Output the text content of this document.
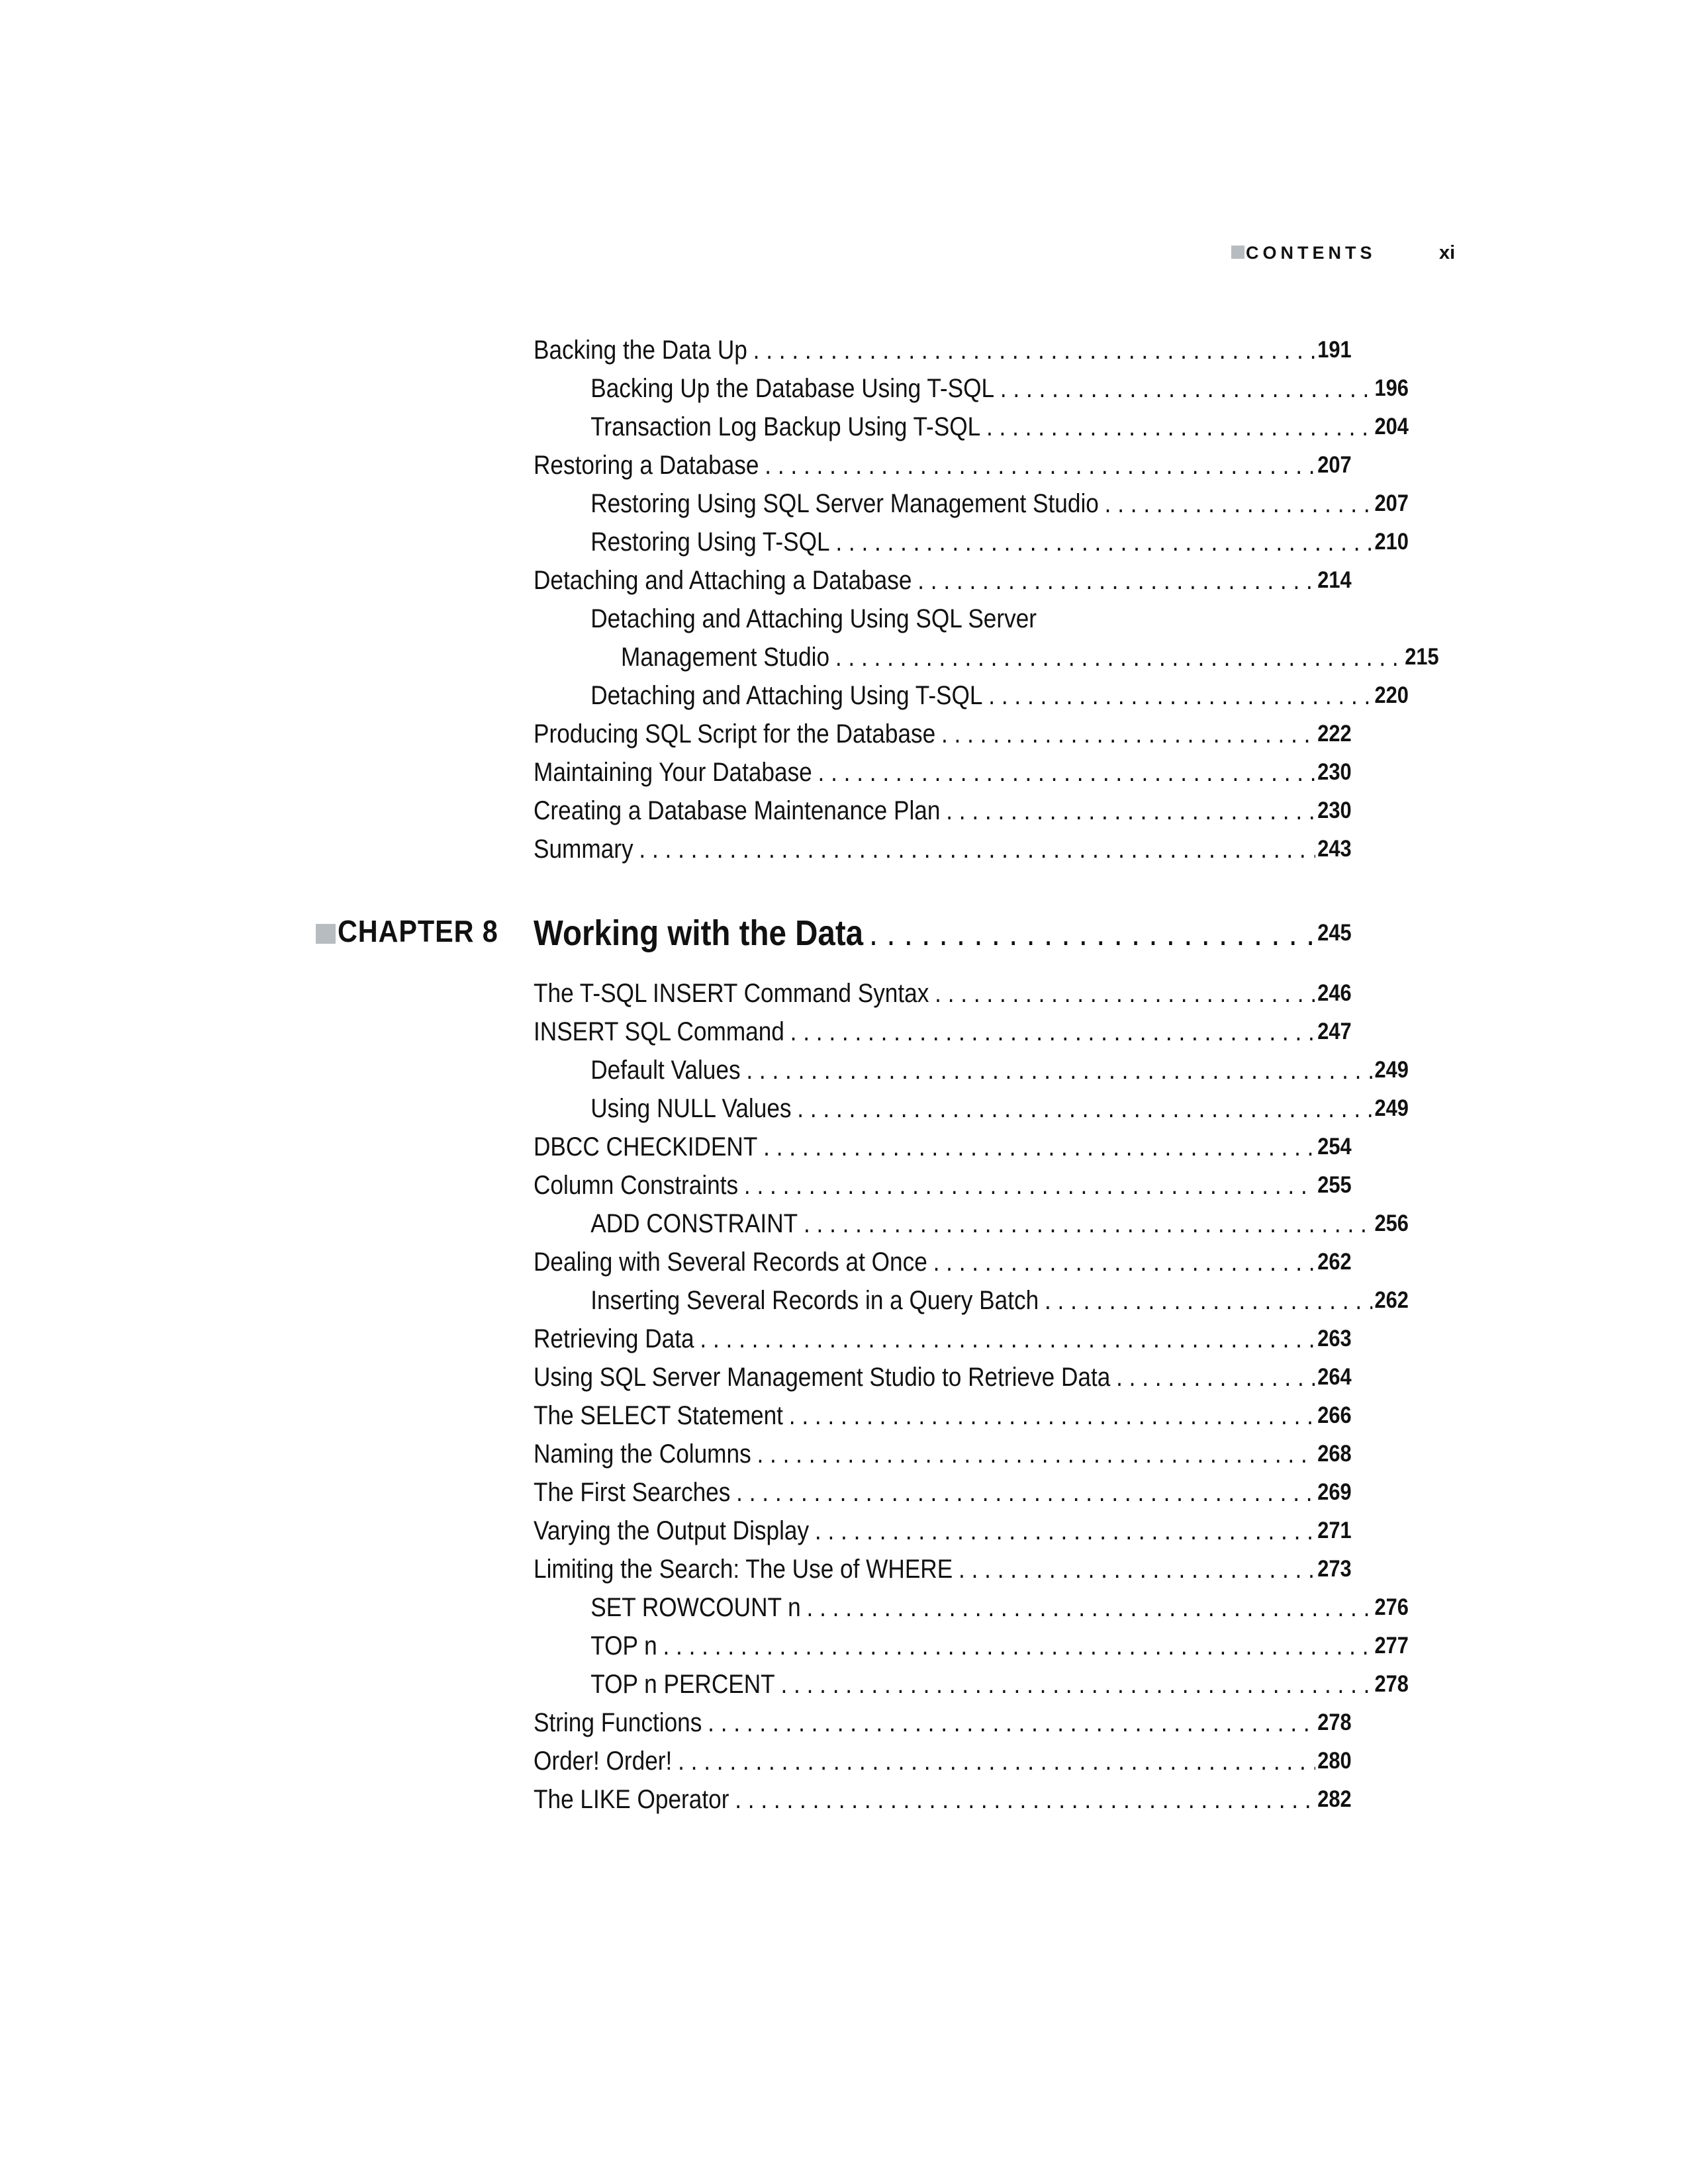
CONTENTS	xi
Backing the Data Up . . .	191
Backing Up the Database Using T-SQL . . .	196
Transaction Log Backup Using T-SQL . . .	204
Restoring a Database . . .	207
Restoring Using SQL Server Management Studio . . .	207
Restoring Using T-SQL . . .	210
Detaching and Attaching a Database . . .	214
Detaching and Attaching Using SQL Server
Management Studio . . .	215
Detaching and Attaching Using T-SQL . . .	220
Producing SQL Script for the Database . . .	222
Maintaining Your Database . . .	230
Creating a Database Maintenance Plan . . .	230
Summary . . .	243
CHAPTER 8 Working with the Data . . .	245
The T-SQL INSERT Command Syntax . . .	246
INSERT SQL Command . . .	247
Default Values . . .	249
Using NULL Values . . .	249
DBCC CHECKIDENT . . .	254
Column Constraints . . .	255
ADD CONSTRAINT . . .	256
Dealing with Several Records at Once . . .	262
Inserting Several Records in a Query Batch . . .	262
Retrieving Data . . .	263
Using SQL Server Management Studio to Retrieve Data . . .	264
The SELECT Statement . . .	266
Naming the Columns . . .	268
The First Searches . . .	269
Varying the Output Display . . .	271
Limiting the Search: The Use of WHERE . . .	273
SET ROWCOUNT n . . .	276
TOP n . . .	277
TOP n PERCENT . . .	278
String Functions . . .	278
Order! Order! . . .	280
The LIKE Operator . . .	282
